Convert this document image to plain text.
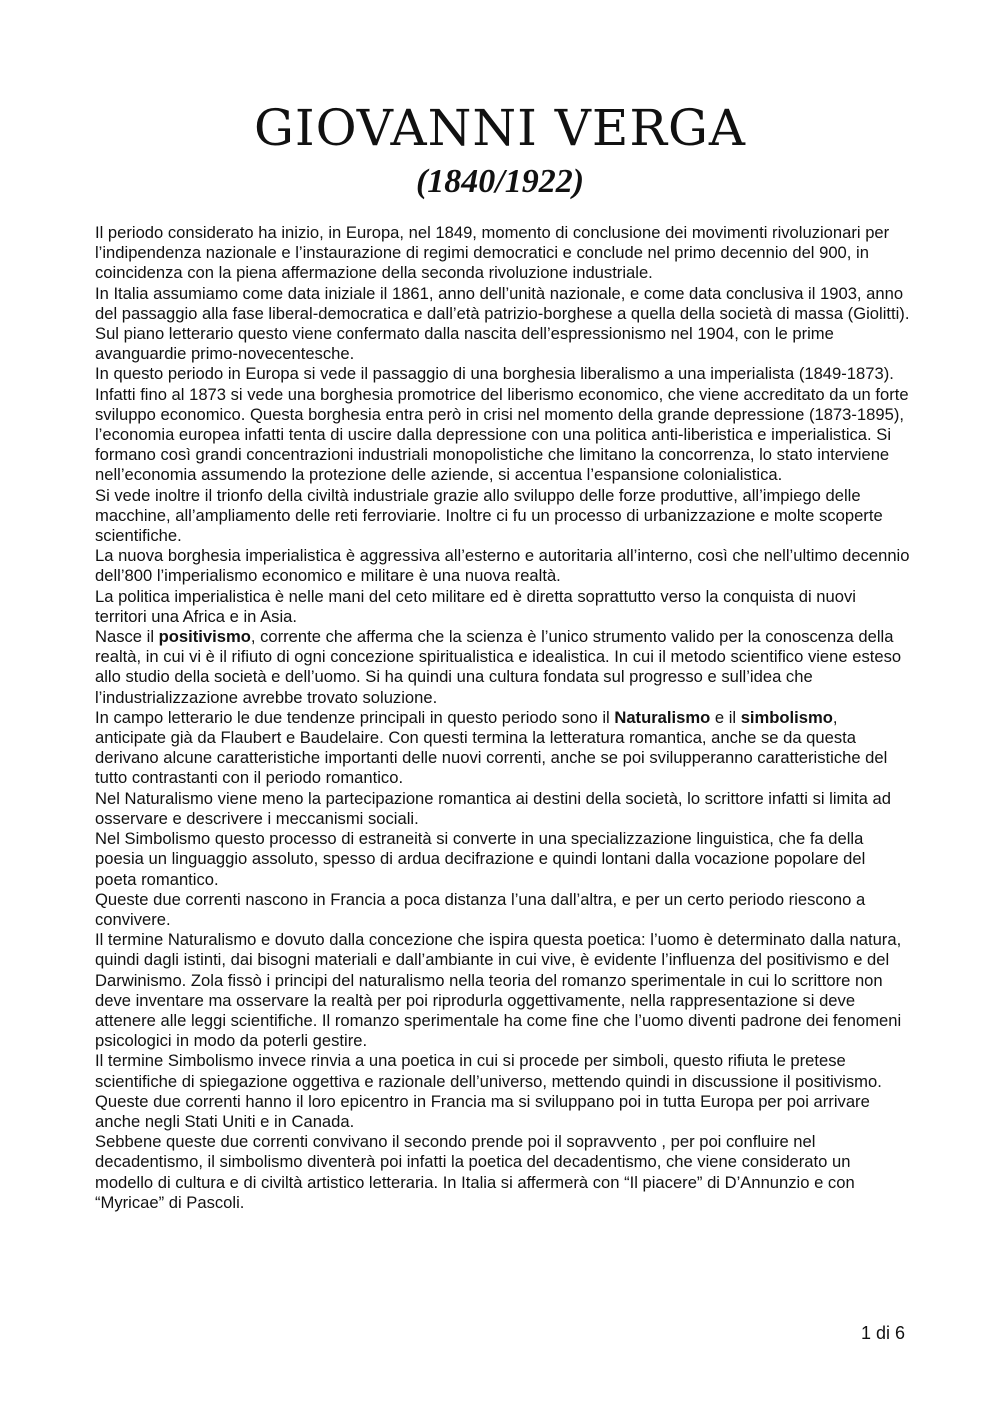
GIOVANNI VERGA
(1840/1922)

Il periodo considerato ha inizio, in Europa, nel 1849, momento di conclusione dei movimenti rivoluzionari per l’indipendenza nazionale e l’instaurazione di regimi democratici e conclude nel primo decennio del 900, in coincidenza con la piena affermazione della seconda rivoluzione industriale.

In Italia assumiamo come data iniziale il 1861, anno dell’unità nazionale, e come data conclusiva il 1903, anno del passaggio alla fase liberal-democratica e dall’età patrizio-borghese a quella della società di massa (Giolitti). Sul piano letterario questo viene confermato dalla nascita dell’espressionismo nel 1904, con le prime avanguardie primo-novecentesche.

In questo periodo in Europa si vede il passaggio di una borghesia liberalismo a una imperialista (1849-1873). Infatti fino al 1873 si vede una borghesia promotrice del liberismo economico, che viene accreditato da un forte sviluppo economico. Questa borghesia entra però in crisi nel momento della grande depressione (1873-1895), l’economia europea infatti tenta di uscire dalla depressione con una politica anti-liberistica e imperialistica. Si formano così grandi concentrazioni industriali monopolistiche che limitano la concorrenza, lo stato interviene nell’economia assumendo la protezione delle aziende, si accentua l’espansione colonialistica.

Si vede inoltre il trionfo della civiltà industriale grazie allo sviluppo delle forze produttive, all’impiego delle macchine, all’ampliamento delle reti ferroviarie. Inoltre ci fu un processo di urbanizzazione e molte scoperte scientifiche.

La nuova borghesia imperialistica è aggressiva all’esterno e autoritaria all’interno, così che nell’ultimo decennio dell’800 l’imperialismo economico e militare è una nuova realtà.

La politica imperialistica è nelle mani del ceto militare ed è diretta soprattutto verso la conquista di nuovi territori una Africa e in Asia.

Nasce il positivismo, corrente che afferma che la scienza è l’unico strumento valido per la conoscenza della realtà, in cui vi è il rifiuto di ogni concezione spiritualistica e idealistica. In cui il metodo scientifico viene esteso allo studio della società e dell’uomo. Si ha quindi una cultura fondata sul progresso e sull’idea che l’industrializzazione avrebbe trovato soluzione.

In campo letterario le due tendenze principali in questo periodo sono il Naturalismo e il simbolismo, anticipate già da Flaubert e Baudelaire. Con questi termina la letteratura romantica, anche se da questa derivano alcune caratteristiche importanti delle nuovi correnti, anche se poi svilupperanno caratteristiche del tutto contrastanti con il periodo romantico.

Nel Naturalismo viene meno la partecipazione romantica ai destini della società, lo scrittore infatti si limita ad osservare e descrivere i meccanismi sociali.

Nel Simbolismo questo processo di estraneità si converte in una specializzazione linguistica, che fa della poesia un linguaggio assoluto, spesso di ardua decifrazione e quindi lontani dalla vocazione popolare del poeta romantico.

Queste due correnti nascono in Francia a poca distanza l’una dall’altra, e per un certo periodo riescono a convivere.

Il termine Naturalismo e dovuto dalla concezione che ispira questa poetica: l’uomo è determinato dalla natura, quindi dagli istinti, dai bisogni materiali e dall’ambiante in cui vive, è evidente l’influenza del positivismo e del Darwinismo. Zola fissò i principi del naturalismo nella teoria del romanzo sperimentale in cui lo scrittore non deve inventare ma osservare la realtà per poi riprodurla oggettivamente, nella rappresentazione si deve attenere alle leggi scientifiche. Il romanzo sperimentale ha come fine che l’uomo diventi padrone dei fenomeni psicologici in modo da poterli gestire.

Il termine Simbolismo invece rinvia a una poetica in cui si procede per simboli, questo rifiuta le pretese scientifiche di spiegazione oggettiva e razionale dell’universo, mettendo quindi in discussione il positivismo.

Queste due correnti hanno il loro epicentro in Francia ma si sviluppano poi in tutta Europa per poi arrivare anche negli Stati Uniti e in Canada.

Sebbene queste due correnti convivano il secondo prende poi il sopravvento , per poi confluire nel decadentismo, il simbolismo diventerà poi infatti la poetica del decadentismo, che viene considerato un modello di cultura e di civiltà artistico letteraria. In Italia si affermerà con “Il piacere” di D’Annunzio e con “Myricae” di Pascoli.

1 di 6
